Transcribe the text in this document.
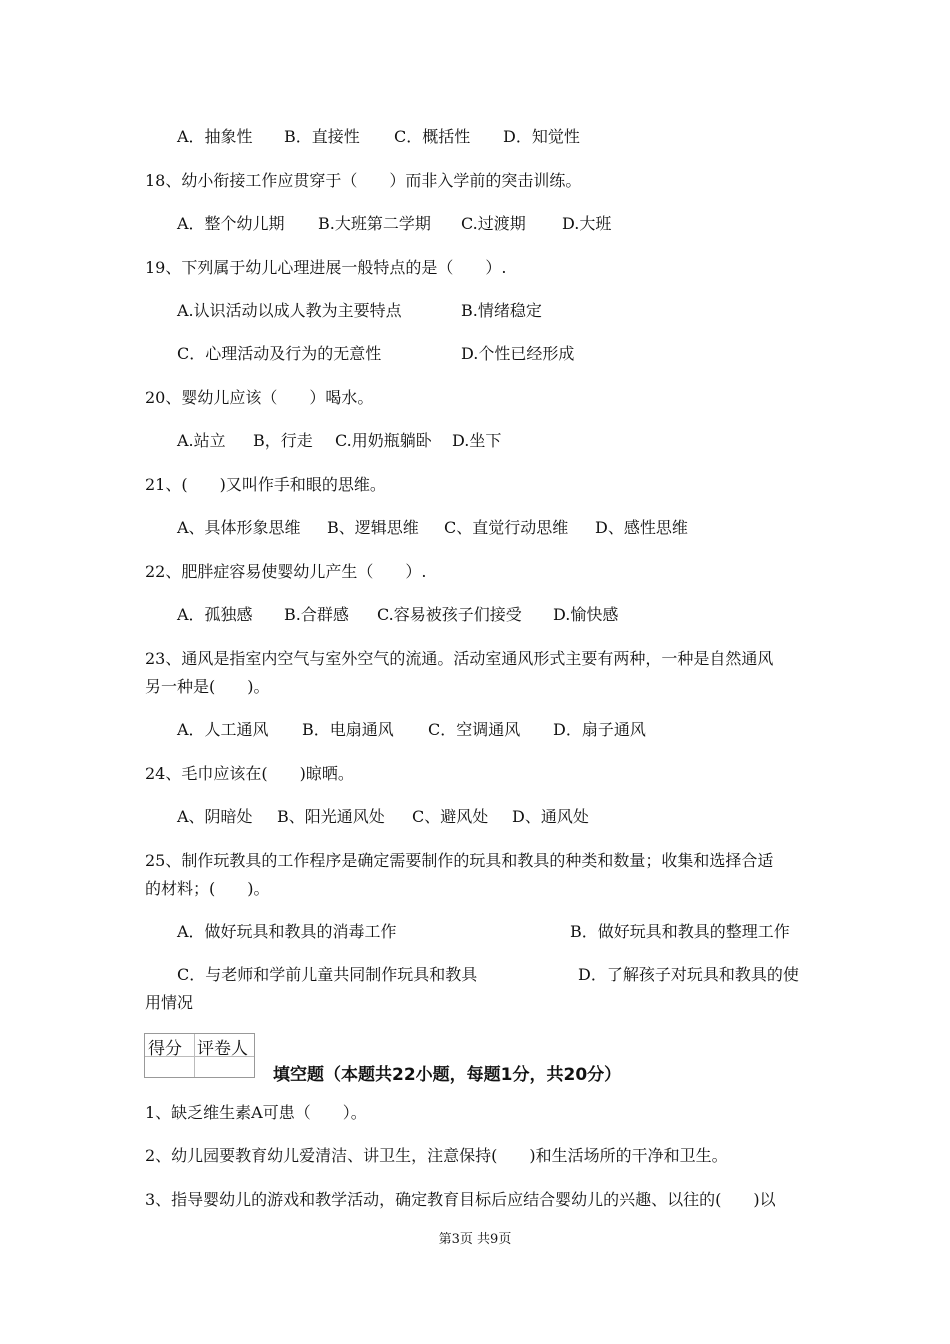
A．抽象性 B．直接性 C．概括性 D．知觉性
18、幼小衔接工作应贯穿于（　　）而非入学前的突击训练。
A．整个幼儿期 B.大班第二学期 C.过渡期 D.大班
19、下列属于幼儿心理进展一般特点的是（　　）.
A.认识活动以成人教为主要特点	B.情绪稳定
C．心理活动及行为的无意性	D.个性已经形成
20、婴幼儿应该（　　）喝水。
A.站立 B，行走 C.用奶瓶躺卧 D.坐下
21、(　　)又叫作手和眼的思维。
A、具体形象思维 B、逻辑思维 C、直觉行动思维 D、感性思维
22、肥胖症容易使婴幼儿产生（　　）.
A．孤独感 B.合群感 C.容易被孩子们接受 D.愉快感
23、通风是指室内空气与室外空气的流通。活动室通风形式主要有两种，一种是自然通风
另一种是(　　)。
A．人工通风 B．电扇通风 C．空调通风 D．扇子通风
24、毛巾应该在(　　)晾晒。
A、阴暗处 B、阳光通风处 C、避风处 D、通风处
25、制作玩教具的工作程序是确定需要制作的玩具和教具的种类和数量；收集和选择合适
的材料；(　　)。
A．做好玩具和教具的消毒工作	B．做好玩具和教具的整理工作
C．与老师和学前儿童共同制作玩具和教具	D．了解孩子对玩具和教具的使
用情况
得分 评卷人
填空题（本题共22小题，每题1分，共20分）
1、缺乏维生素A可患（　　）。
2、幼儿园要教育幼儿爱清洁、讲卫生，注意保持(　　)和生活场所的干净和卫生。
3、指导婴幼儿的游戏和教学活动，确定教育目标后应结合婴幼儿的兴趣、以往的(　　)以
第3页 共9页
